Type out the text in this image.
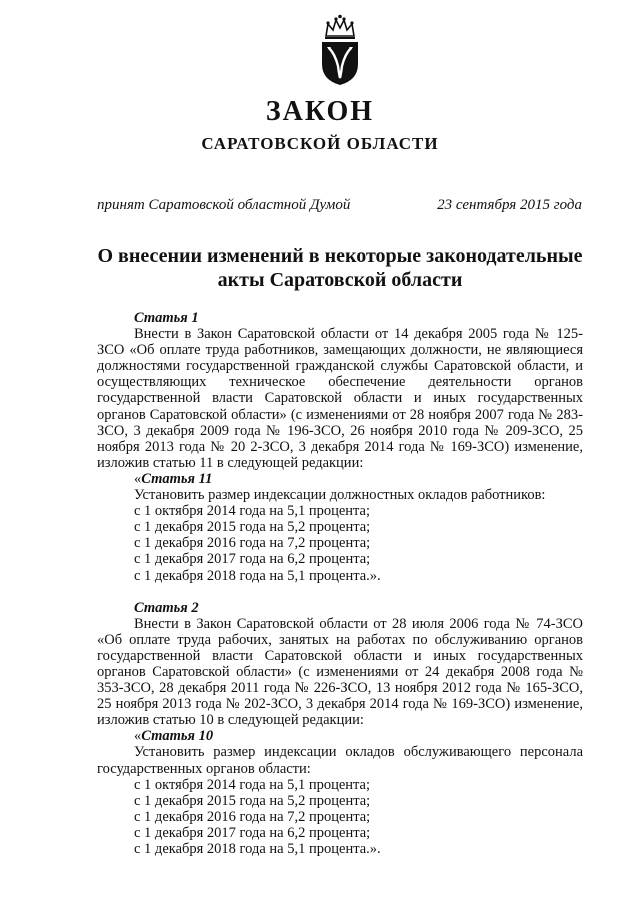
ЗАКОН
САРАТОВСКОЙ ОБЛАСТИ
принят Саратовской областной Думой	23 сентября 2015 года
О внесении изменений в некоторые законодательные
акты Саратовской области
Статья 1

Внести в Закон Саратовской области от 14 декабря 2005 года № 125-ЗСО «Об оплате труда работников, замещающих должности, не являющиеся должностями государственной гражданской службы Саратовской области, и осуществляющих техническое обеспечение деятельности органов государственной власти Саратовской области и иных государственных органов Саратовской области» (с изменениями от 28 ноября 2007 года № 283-ЗСО, 3 декабря 2009 года № 196-ЗСО, 26 ноября 2010 года № 209-ЗСО, 25 ноября 2013 года № 20 2-ЗСО, 3 декабря 2014 года № 169-ЗСО) изменение, изложив статью 11 в следующей редакции:

«Статья 11
Установить размер индексации должностных окладов работников:
с 1 октября 2014 года на 5,1 процента;
с 1 декабря 2015 года на 5,2 процента;
с 1 декабря 2016 года на 7,2 процента;
с 1 декабря 2017 года на 6,2 процента;
с 1 декабря 2018 года на 5,1 процента.».
Статья 2

Внести в Закон Саратовской области от 28 июля 2006 года № 74-ЗСО «Об оплате труда рабочих, занятых на работах по обслуживанию органов государственной власти Саратовской области и иных государственных органов Саратовской области» (с изменениями от 24 декабря 2008 года № 353-ЗСО, 28 декабря 2011 года № 226-ЗСО, 13 ноября 2012 года № 165-ЗСО, 25 ноября 2013 года № 202-ЗСО, 3 декабря 2014 года № 169-ЗСО) изменение, изложив статью 10 в следующей редакции:

«Статья 10

Установить размер индексации окладов обслуживающего персонала государственных органов области:

с 1 октября 2014 года на 5,1 процента;
с 1 декабря 2015 года на 5,2 процента;
с 1 декабря 2016 года на 7,2 процента;
с 1 декабря 2017 года на 6,2 процента;
с 1 декабря 2018 года на 5,1 процента.».
